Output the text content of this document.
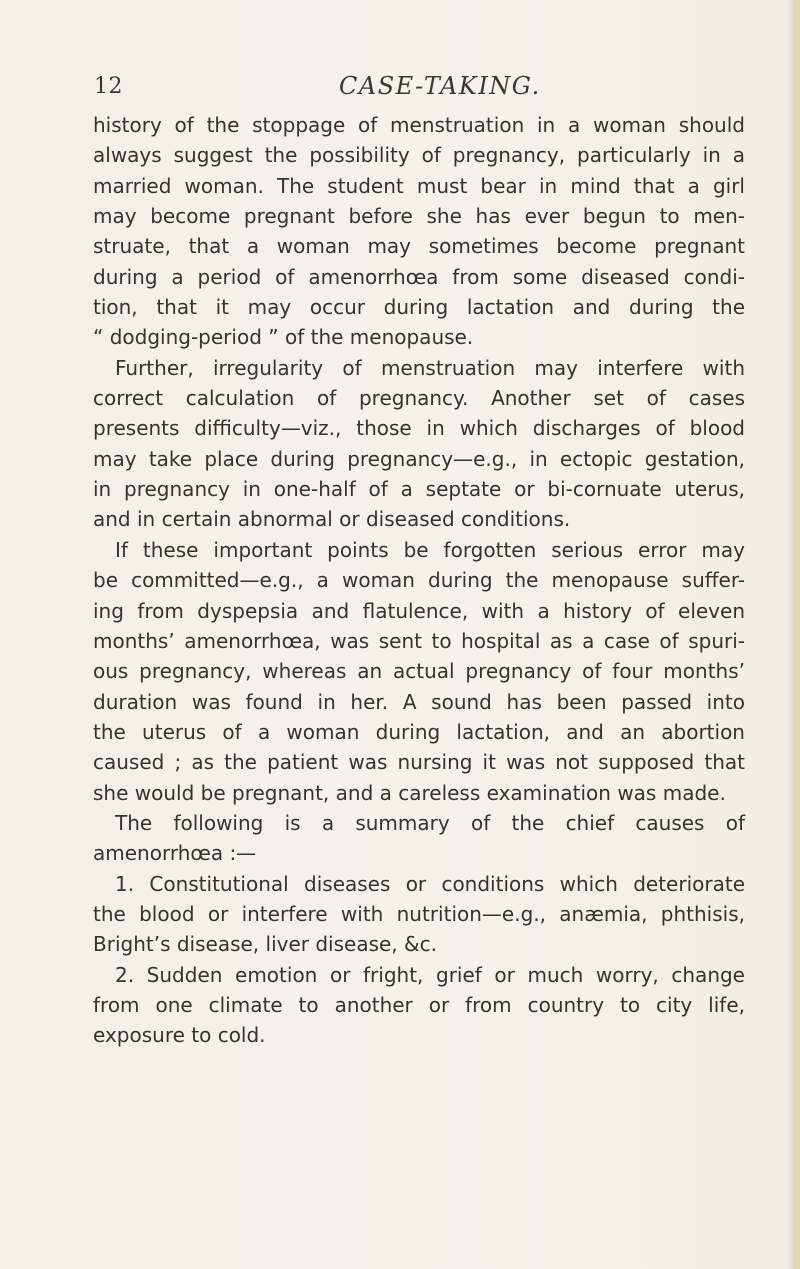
12	CASE-TAKING.
history of the stoppage of menstruation in a woman should
always suggest the possibility of pregnancy, particularly in a
married woman. The student must bear in mind that a girl
may become pregnant before she has ever begun to men-
struate, that a woman may sometimes become pregnant
during a period of amenorrhœa from some diseased condi-
tion, that it may occur during lactation and during the
“ dodging-period ” of the menopause.
Further, irregularity of menstruation may interfere with
correct calculation of pregnancy. Another set of cases
presents difficulty—viz., those in which discharges of blood
may take place during pregnancy—e.g., in ectopic gestation,
in pregnancy in one-half of a septate or bi-cornuate uterus,
and in certain abnormal or diseased conditions.
If these important points be forgotten serious error may
be committed—e.g., a woman during the menopause suffer-
ing from dyspepsia and flatulence, with a history of eleven
months’ amenorrhœa, was sent to hospital as a case of spuri-
ous pregnancy, whereas an actual pregnancy of four months’
duration was found in her. A sound has been passed into
the uterus of a woman during lactation, and an abortion
caused ; as the patient was nursing it was not supposed that
she would be pregnant, and a careless examination was made.
The following is a summary of the chief causes of
amenorrhœa :—
1. Constitutional diseases or conditions which deteriorate
the blood or interfere with nutrition—e.g., anæmia, phthisis,
Bright’s disease, liver disease, &c.
2. Sudden emotion or fright, grief or much worry, change
from one climate to another or from country to city life,
exposure to cold.
